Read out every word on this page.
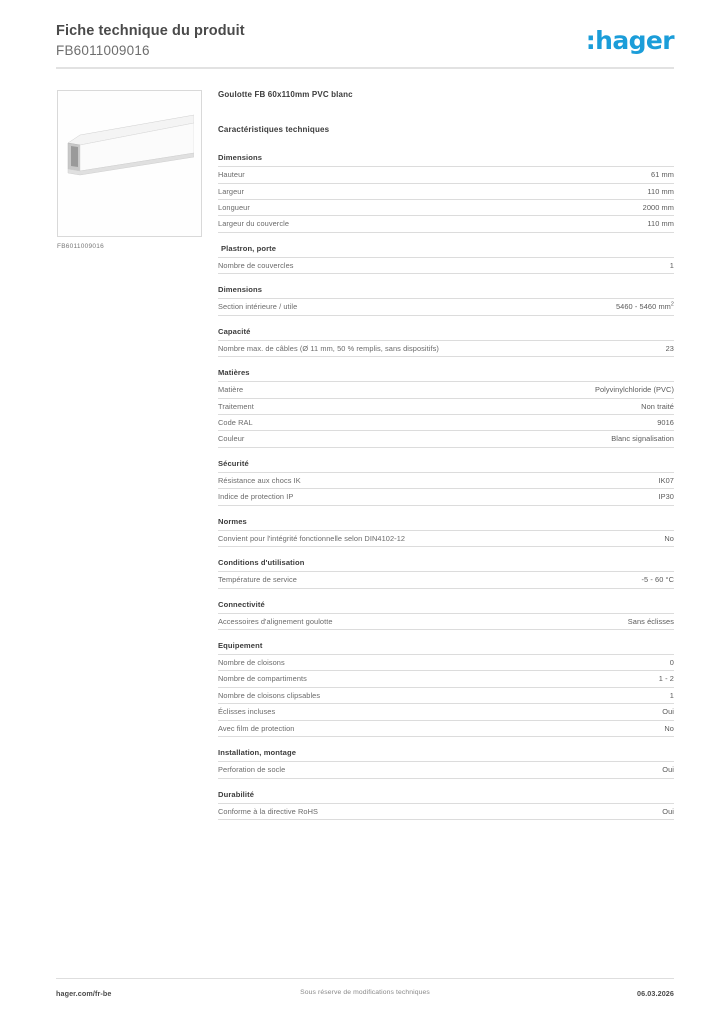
Fiche technique du produit
FB6011009016	:hager
FB6011009016
Goulotte FB 60x110mm PVC blanc
Caractéristiques techniques
Dimensions
Hauteur	61 mm
Largeur	110 mm
Longueur	2000 mm
Largeur du couvercle	110 mm
Plastron, porte
Nombre de couvercles	1
Dimensions
Section intérieure / utile	5460 - 5460 $mm^2$
Capacité
Nombre max. de câbles (Ø 11 mm, 50 % remplis, sans dispositifs)	23
Matières
Matière	Polyvinylchloride (PVC)
Traitement	Non traité
Code RAL	9016
Couleur	Blanc signalisation
Sécurité
Résistance aux chocs IK	IK07
Indice de protection IP	IP30
Normes
Convient pour l'intégrité fonctionnelle selon DIN4102-12	No
Conditions d'utilisation
Température de service	-5 - 60 °C
Connectivité
Accessoires d'alignement goulotte	Sans éclisses
Equipement
Nombre de cloisons	0
Nombre de compartiments	1 - 2
Nombre de cloisons clipsables	1
Éclisses incluses	Oui
Avec film de protection	No
Installation, montage
Perforation de socle	Oui
Durabilité
Conforme à la directive RoHS	Oui
hager.com/fr-be	Sous réserve de modifications techniques	06.03.2026
